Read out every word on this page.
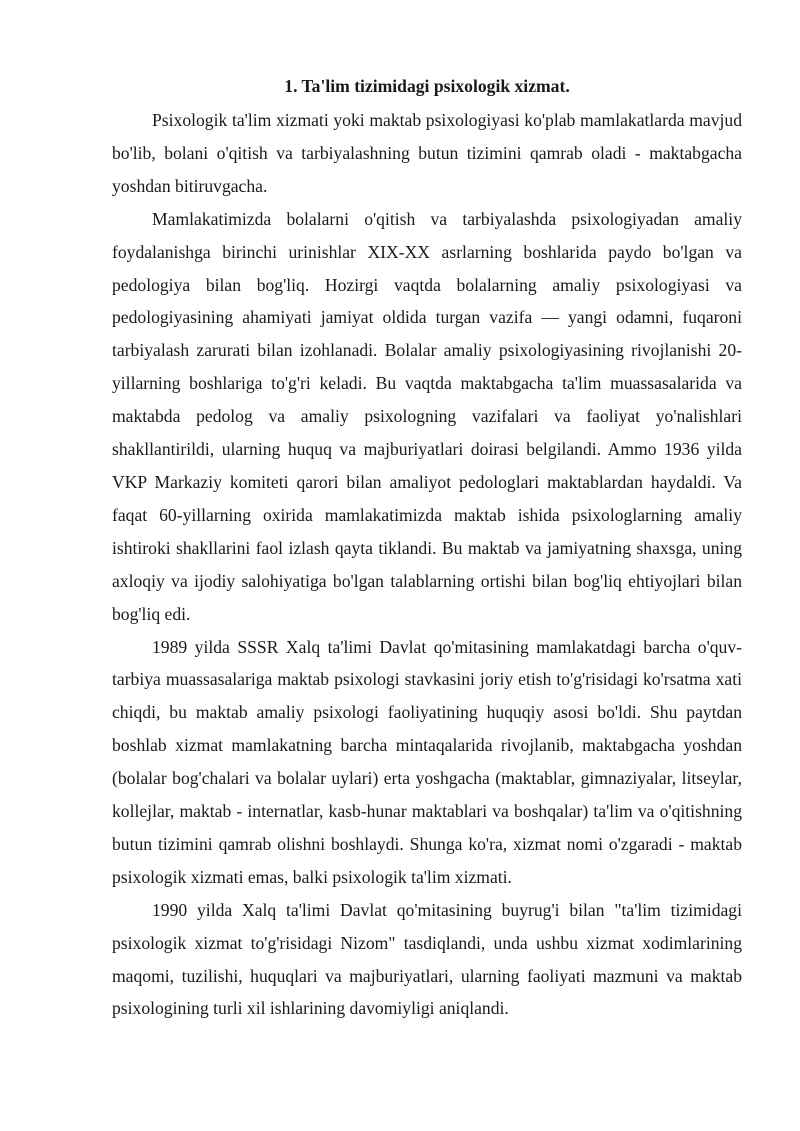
1. Ta'lim tizimidagi psixologik xizmat.

Psixologik ta'lim xizmati yoki maktab psixologiyasi ko'plab mamlakatlarda mavjud bo'lib, bolani o'qitish va tarbiyalashning butun tizimini qamrab oladi - maktabgacha yoshdan bitiruvgacha.

Mamlakatimizda bolalarni o'qitish va tarbiyalashda psixologiyadan amaliy foydalanishga birinchi urinishlar XIX-XX asrlarning boshlarida paydo bo'lgan va pedologiya bilan bog'liq. Hozirgi vaqtda bolalarning amaliy psixologiyasi va pedologiyasining ahamiyati jamiyat oldida turgan vazifa — yangi odamni, fuqaroni tarbiyalash zarurati bilan izohlanadi. Bolalar amaliy psixologiyasining rivojlanishi 20-yillarning boshlariga to'g'ri keladi. Bu vaqtda maktabgacha ta'lim muassasalarida va maktabda pedolog va amaliy psixologning vazifalari va faoliyat yo'nalishlari shakllantirildi, ularning huquq va majburiyatlari doirasi belgilandi. Ammo 1936 yilda VKP Markaziy komiteti qarori bilan amaliyot pedologlari maktablardan haydaldi. Va faqat 60-yillarning oxirida mamlakatimizda maktab ishida psixologlarning amaliy ishtiroki shakllarini faol izlash qayta tiklandi. Bu maktab va jamiyatning shaxsga, uning axloqiy va ijodiy salohiyatiga bo'lgan talablarning ortishi bilan bog'liq ehtiyojlari bilan bog'liq edi.

1989 yilda SSSR Xalq ta'limi Davlat qo'mitasining mamlakatdagi barcha o'quv-tarbiya muassasalariga maktab psixologi stavkasini joriy etish to'g'risidagi ko'rsatma xati chiqdi, bu maktab amaliy psixologi faoliyatining huquqiy asosi bo'ldi. Shu paytdan boshlab xizmat mamlakatning barcha mintaqalarida rivojlanib, maktabgacha yoshdan (bolalar bog'chalari va bolalar uylari) erta yoshgacha (maktablar, gimnaziyalar, litseylar, kollejlar, maktab - internatlar, kasb-hunar maktablari va boshqalar) ta'lim va o'qitishning butun tizimini qamrab olishni boshlaydi. Shunga ko'ra, xizmat nomi o'zgaradi - maktab psixologik xizmati emas, balki psixologik ta'lim xizmati.

1990 yilda Xalq ta'limi Davlat qo'mitasining buyrug'i bilan "ta'lim tizimidagi psixologik xizmat to'g'risidagi Nizom" tasdiqlandi, unda ushbu xizmat xodimlarining maqomi, tuzilishi, huquqlari va majburiyatlari, ularning faoliyati mazmuni va maktab psixologining turli xil ishlarining davomiyligi aniqlandi.
